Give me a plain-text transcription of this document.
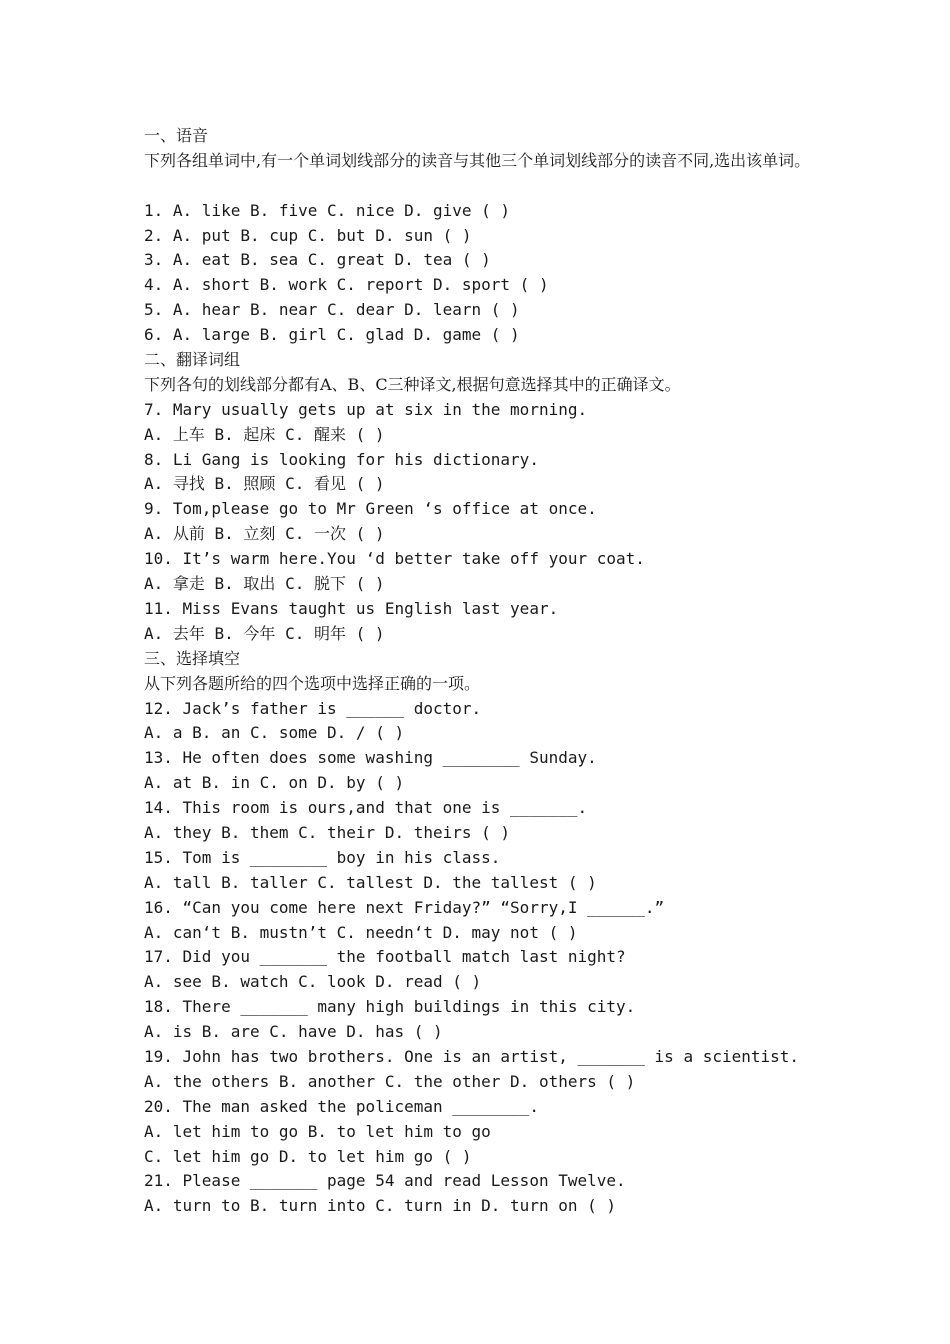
一、语音
下列各组单词中,有一个单词划线部分的读音与其他三个单词划线部分的读音不同,选出该单词。
1. A. like B. five C. nice D. give ( )
2. A. put B. cup C. but D. sun ( )
3. A. eat B. sea C. great D. tea ( )
4. A. short B. work C. report D. sport ( )
5. A. hear B. near C. dear D. learn ( )
6. A. large B. girl C. glad D. game ( )
二、翻译词组
下列各句的划线部分都有A、B、C三种译文,根据句意选择其中的正确译文。
7. Mary usually gets up at six in the morning.
A. 上车 B. 起床 C. 醒来 ( )
8. Li Gang is looking for his dictionary.
A. 寻找 B. 照顾 C. 看见 ( )
9. Tom,please go to Mr Green ‘s office at once.
A. 从前 B. 立刻 C. 一次 ( )
10. It’s warm here.You ‘d better take off your coat.
A. 拿走 B. 取出 C. 脱下 ( )
11. Miss Evans taught us English last year.
A. 去年 B. 今年 C. 明年 ( )
三、选择填空
从下列各题所给的四个选项中选择正确的一项。
12. Jack’s father is ______ doctor.
A. a B. an C. some D. / ( )
13. He often does some washing ________ Sunday.
A. at B. in C. on D. by ( )
14. This room is ours,and that one is _______.
A. they B. them C. their D. theirs ( )
15. Tom is ________ boy in his class.
A. tall B. taller C. tallest D. the tallest ( )
16. “Can you come here next Friday?” “Sorry,I ______.”
A. can‘t B. mustn’t C. needn‘t D. may not ( )
17. Did you _______ the football match last night?
A. see B. watch C. look D. read ( )
18. There _______ many high buildings in this city.
A. is B. are C. have D. has ( )
19. John has two brothers. One is an artist, _______ is a scientist.
A. the others B. another C. the other D. others ( )
20. The man asked the policeman ________.
A. let him to go B. to let him to go
C. let him go D. to let him go ( )
21. Please _______ page 54 and read Lesson Twelve.
A. turn to B. turn into C. turn in D. turn on ( )
